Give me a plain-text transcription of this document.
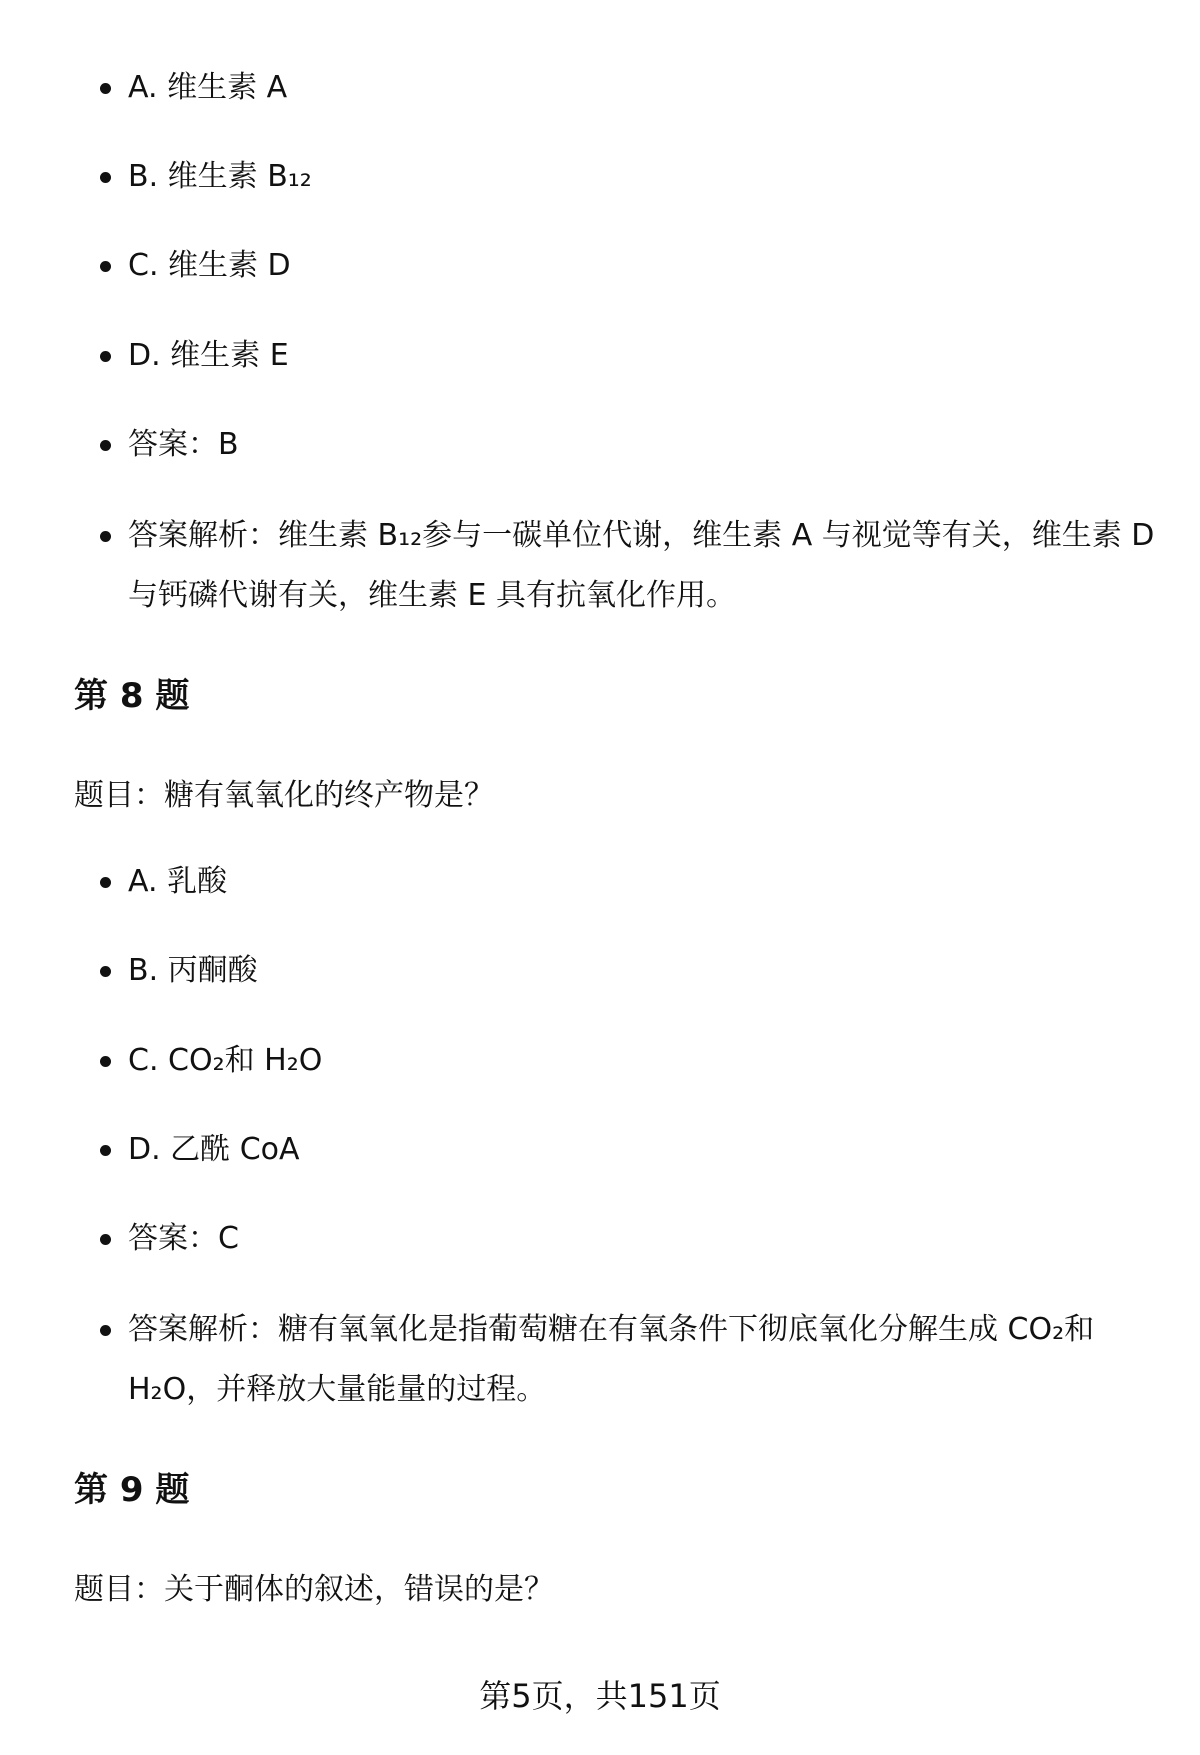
A. 维生素 A
B. 维生素 B₁₂
C. 维生素 D
D. 维生素 E
答案：B
答案解析：维生素 B₁₂参与一碳单位代谢，维生素 A 与视觉等有关，维生素 D 与钙磷代谢有关，维生素 E 具有抗氧化作用。
第 8 题
题目：糖有氧氧化的终产物是？
A. 乳酸
B. 丙酮酸
C. CO₂和 H₂O
D. 乙酰 CoA
答案：C
答案解析：糖有氧氧化是指葡萄糖在有氧条件下彻底氧化分解生成 CO₂和 H₂O，并释放大量能量的过程。
第 9 题
题目：关于酮体的叙述，错误的是？
第5页，共151页
